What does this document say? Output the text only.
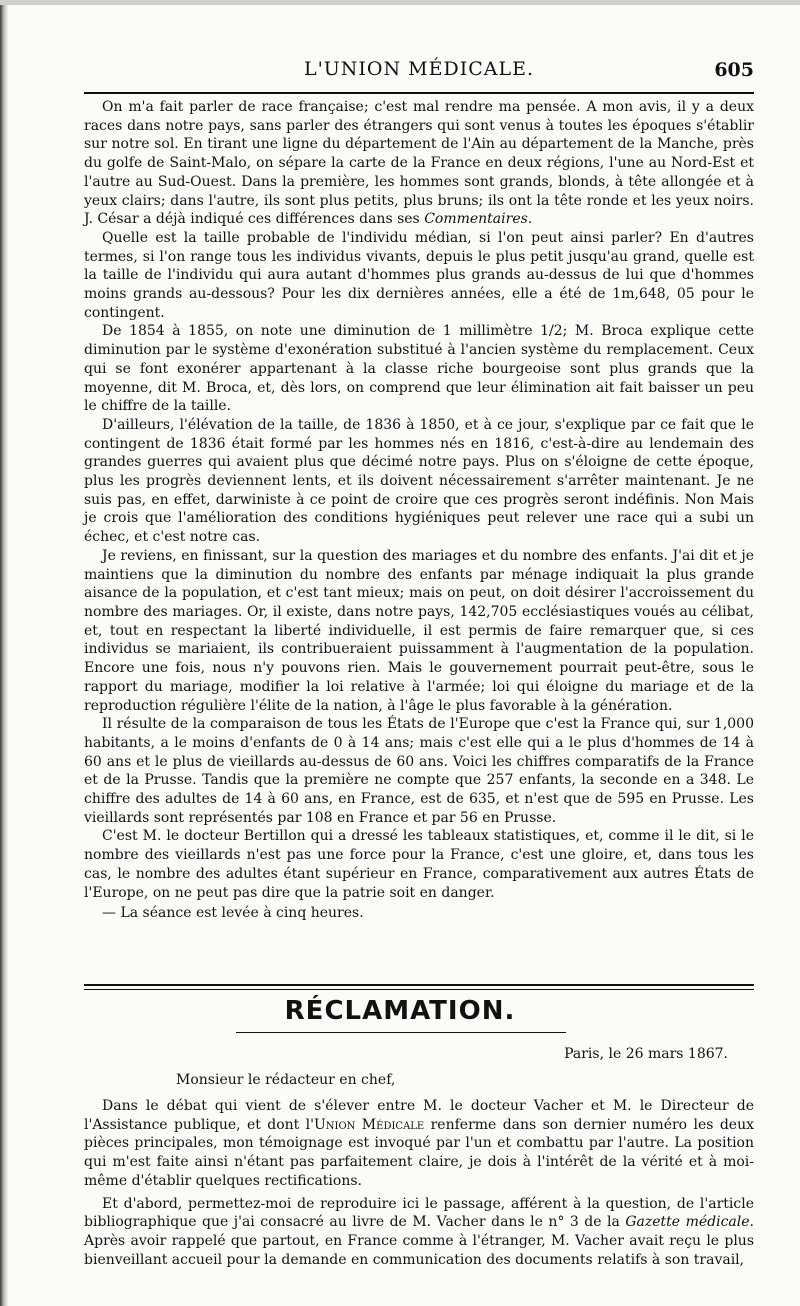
L'UNION MÉDICALE.	605

On m'a fait parler de race française; c'est mal rendre ma pensée. A mon avis, il y a deux races dans notre pays, sans parler des étrangers qui sont venus à toutes les époques s'établir sur notre sol. En tirant une ligne du département de l'Ain au département de la Manche, près du golfe de Saint-Malo, on sépare la carte de la France en deux régions, l'une au Nord-Est et l'autre au Sud-Ouest. Dans la première, les hommes sont grands, blonds, à tête allongée et à yeux clairs; dans l'autre, ils sont plus petits, plus bruns; ils ont la tête ronde et les yeux noirs. J. César a déjà indiqué ces différences dans ses Commentaires.

Quelle est la taille probable de l'individu médian, si l'on peut ainsi parler? En d'autres termes, si l'on range tous les individus vivants, depuis le plus petit jusqu'au grand, quelle est la taille de l'individu qui aura autant d'hommes plus grands au-dessus de lui que d'hommes moins grands au-dessous? Pour les dix dernières années, elle a été de 1m,648, 05 pour le contingent.

De 1854 à 1855, on note une diminution de 1 millimètre 1/2; M. Broca explique cette diminution par le système d'exonération substitué à l'ancien système du remplacement. Ceux qui se font exonérer appartenant à la classe riche bourgeoise sont plus grands que la moyenne, dit M. Broca, et, dès lors, on comprend que leur élimination ait fait baisser un peu le chiffre de la taille.

D'ailleurs, l'élévation de la taille, de 1836 à 1850, et à ce jour, s'explique par ce fait que le contingent de 1836 était formé par les hommes nés en 1816, c'est-à-dire au lendemain des grandes guerres qui avaient plus que décimé notre pays. Plus on s'éloigne de cette époque, plus les progrès deviennent lents, et ils doivent nécessairement s'arrêter maintenant. Je ne suis pas, en effet, darwiniste à ce point de croire que ces progrès seront indéfinis. Non Mais je crois que l'amélioration des conditions hygiéniques peut relever une race qui a subi un échec, et c'est notre cas.

Je reviens, en finissant, sur la question des mariages et du nombre des enfants. J'ai dit et je maintiens que la diminution du nombre des enfants par ménage indiquait la plus grande aisance de la population, et c'est tant mieux; mais on peut, on doit désirer l'accroissement du nombre des mariages. Or, il existe, dans notre pays, 142,705 ecclésiastiques voués au célibat, et, tout en respectant la liberté individuelle, il est permis de faire remarquer que, si ces individus se mariaient, ils contribueraient puissamment à l'augmentation de la population. Encore une fois, nous n'y pouvons rien. Mais le gouvernement pourrait peut-être, sous le rapport du mariage, modifier la loi relative à l'armée; loi qui éloigne du mariage et de la reproduction régulière l'élite de la nation, à l'âge le plus favorable à la génération.

Il résulte de la comparaison de tous les États de l'Europe que c'est la France qui, sur 1,000 habitants, a le moins d'enfants de 0 à 14 ans; mais c'est elle qui a le plus d'hommes de 14 à 60 ans et le plus de vieillards au-dessus de 60 ans. Voici les chiffres comparatifs de la France et de la Prusse. Tandis que la première ne compte que 257 enfants, la seconde en a 348. Le chiffre des adultes de 14 à 60 ans, en France, est de 635, et n'est que de 595 en Prusse. Les vieillards sont représentés par 108 en France et par 56 en Prusse.

C'est M. le docteur Bertillon qui a dressé les tableaux statistiques, et, comme il le dit, si le nombre des vieillards n'est pas une force pour la France, c'est une gloire, et, dans tous les cas, le nombre des adultes étant supérieur en France, comparativement aux autres États de l'Europe, on ne peut pas dire que la patrie soit en danger.

— La séance est levée à cinq heures.

RÉCLAMATION.
Paris, le 26 mars 1867.
Monsieur le rédacteur en chef,

Dans le débat qui vient de s'élever entre M. le docteur Vacher et M. le Directeur de l'Assistance publique, et dont l'Union Médicale renferme dans son dernier numéro les deux pièces principales, mon témoignage est invoqué par l'un et combattu par l'autre. La position qui m'est faite ainsi n'étant pas parfaitement claire, je dois à l'intérêt de la vérité et à moi-même d'établir quelques rectifications.

Et d'abord, permettez-moi de reproduire ici le passage, afférent à la question, de l'article bibliographique que j'ai consacré au livre de M. Vacher dans le n° 3 de la Gazette médicale. Après avoir rappelé que partout, en France comme à l'étranger, M. Vacher avait reçu le plus bienveillant accueil pour la demande en communication des documents relatifs à son travail,
